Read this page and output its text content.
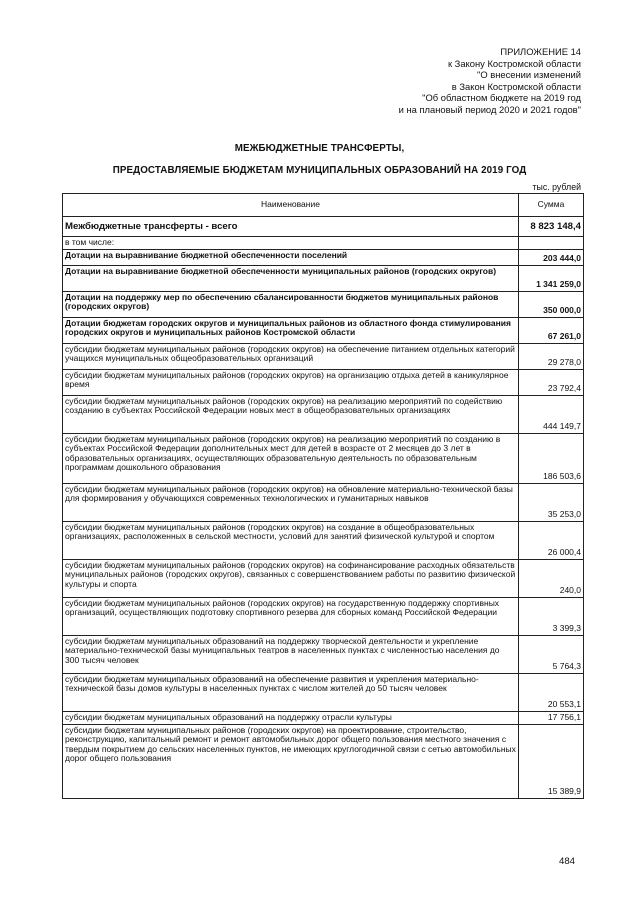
ПРИЛОЖЕНИЕ 14
к Закону Костромской области
"О внесении изменений
в Закон Костромской области
"Об областном бюджете на 2019 год
и на плановый период 2020 и 2021 годов"
МЕЖБЮДЖЕТНЫЕ ТРАНСФЕРТЫ,
ПРЕДОСТАВЛЯЕМЫЕ БЮДЖЕТАМ МУНИЦИПАЛЬНЫХ ОБРАЗОВАНИЙ НА 2019 ГОД
тыс. рублей
Наименование	Сумма
Межбюджетные трансферты - всего	8 823 148,4
в том числе:	
Дотации на выравнивание бюджетной обеспеченности поселений	203 444,0
Дотации на выравнивание бюджетной обеспеченности муниципальных районов (городских округов)	1 341 259,0
Дотации на поддержку мер по обеспечению сбалансированности бюджетов муниципальных районов (городских округов)	350 000,0
Дотации бюджетам городских округов и муниципальных районов из областного фонда стимулирования городских округов и муниципальных районов Костромской области	67 261,0
субсидии бюджетам муниципальных районов (городских округов) на обеспечение питанием отдельных категорий учащихся муниципальных общеобразовательных организаций	29 278,0
субсидии бюджетам муниципальных районов (городских округов) на организацию отдыха детей в каникулярное время	23 792,4
субсидии бюджетам муниципальных районов (городских округов) на реализацию мероприятий по содействию созданию в субъектах Российской Федерации новых мест в общеобразовательных организациях	444 149,7
субсидии бюджетам муниципальных районов (городских округов) на реализацию мероприятий по созданию в субъектах Российской Федерации дополнительных мест для детей в возрасте от 2 месяцев до 3 лет в образовательных организациях, осуществляющих образовательную деятельность по образовательным программам дошкольного образования	186 503,6
субсидии бюджетам муниципальных районов (городских округов) на обновление материально-технической базы для формирования у обучающихся современных технологических и гуманитарных навыков	35 253,0
субсидии бюджетам муниципальных районов (городских округов) на создание в общеобразовательных организациях, расположенных в сельской местности, условий для занятий физической культурой и спортом	26 000,4
субсидии бюджетам муниципальных районов (городских округов) на софинансирование расходных обязательств муниципальных районов (городских округов), связанных с совершенствованием работы по развитию физической культуры и спорта	240,0
субсидии бюджетам муниципальных районов (городских округов) на государственную поддержку спортивных организаций, осуществляющих подготовку спортивного резерва для сборных команд Российской Федерации	3 399,3
субсидии бюджетам муниципальных образований на поддержку творческой деятельности и укрепление материально-технической базы муниципальных театров в населенных пунктах с численностью населения до 300 тысяч человек	5 764,3
субсидии бюджетам муниципальных образований на обеспечение развития и укрепления материально-технической базы домов культуры в населенных пунктах с числом жителей до 50 тысяч человек	20 553,1
субсидии бюджетам муниципальных образований на поддержку отрасли культуры	17 756,1
субсидии бюджетам муниципальных районов (городских округов) на проектирование, строительство, реконструкцию, капитальный ремонт и ремонт автомобильных дорог общего пользования местного значения с твердым покрытием до сельских населенных пунктов, не имеющих круглогодичной связи с сетью автомобильных дорог общего пользования	15 389,9
484
